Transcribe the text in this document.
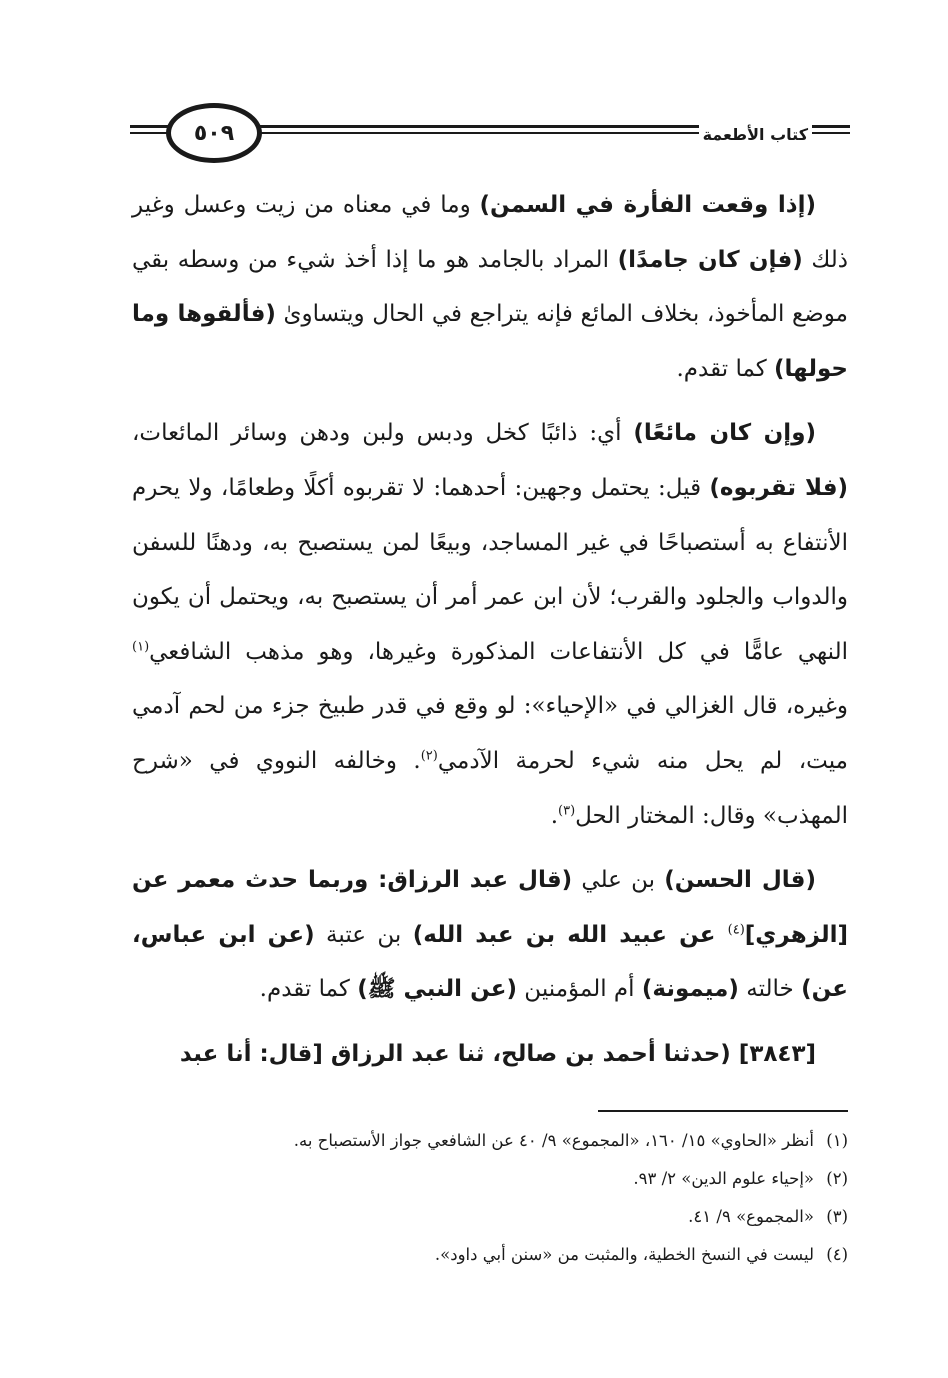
٥٠٩	كتاب الأطعمة

(إذا وقعت الفأرة في السمن) وما في معناه من زيت وعسل وغير ذلك (فإن كان جامدًا) المراد بالجامد هو ما إذا أخذ شيء من وسطه بقي موضع المأخوذ، بخلاف المائع فإنه يتراجع في الحال ويتساوىٰ (فألقوها وما حولها) كما تقدم.

(وإن كان مائعًا) أي: ذائبًا كخل ودبس ولبن ودهن وسائر المائعات، (فلا تقربوه) قيل: يحتمل وجهين: أحدهما: لا تقربوه أكلًا وطعامًا، ولا يحرم الأنتفاع به أستصباحًا في غير المساجد، وبيعًا لمن يستصبح به، ودهنًا للسفن والدواب والجلود والقرب؛ لأن ابن عمر أمر أن يستصبح به، ويحتمل أن يكون النهي عامًّا في كل الأنتفاعات المذكورة وغيرها، وهو مذهب الشافعي$^{(١)}$ وغيره، قال الغزالي في «الإحياء»: لو وقع في قدر طبيخ جزء من لحم آدمي ميت، لم يحل منه شيء لحرمة الآدمي$^{(٢)}$. وخالفه النووي في «شرح المهذب» وقال: المختار الحل$^{(٣)}$.

(قال الحسن) بن علي (قال عبد الرزاق: وربما حدث معمر عن [الزهري]$^{(٤)}$ عن عبيد الله بن عبد الله) بن عتبة (عن ابن عباس، عن) خالته (ميمونة) أم المؤمنين (عن النبي ﷺ) كما تقدم.

[٣٨٤٣] (حدثنا أحمد بن صالح، ثنا عبد الرزاق [قال: أنا عبد

(١)
أنظر «الحاوي» ١٥/ ١٦٠، «المجموع» ٩/ ٤٠ عن الشافعي جواز الأستصباح به.
(٢)
«إحياء علوم الدين» ٢/ ٩٣.
(٣)
«المجموع» ٩/ ٤١.
(٤)
ليست في النسخ الخطية، والمثبت من «سنن أبي داود».
